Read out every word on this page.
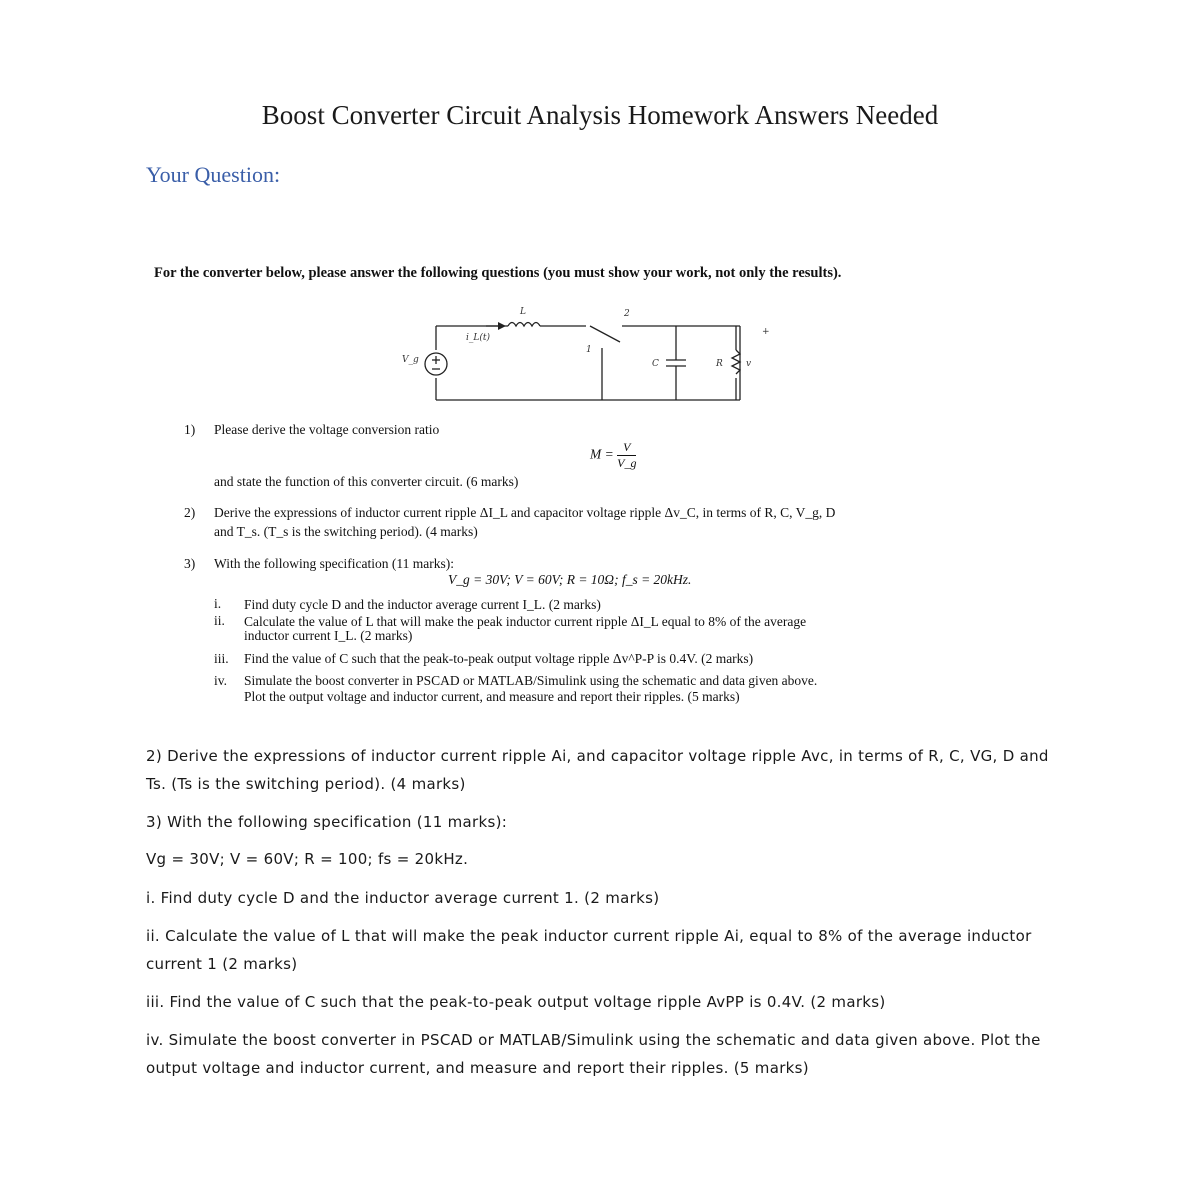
Boost Converter Circuit Analysis Homework Answers Needed
Your Question:
For the converter below, please answer the following questions (you must show your work, not only the results).
L
i_L(t)
V_g
2
1
C	R
+
v
1) Please derive the voltage conversion ratio
$M = \frac{V}{V\_g}$
and state the function of this converter circuit. (6 marks)
2) Derive the expressions of inductor current ripple ΔI_L and capacitor voltage ripple Δv_C, in terms of R, C, V_g, D
and T_s. (T_s is the switching period). (4 marks)
3) With the following specification (11 marks):
V_g = 30V; V = 60V; R = 10Ω; f_s = 20kHz.
i. Find duty cycle D and the inductor average current I_L. (2 marks)
ii. Calculate the value of L that will make the peak inductor current ripple ΔI_L equal to 8% of the average
inductor current I_L. (2 marks)
iii. Find the value of C such that the peak-to-peak output voltage ripple Δv^P-P is 0.4V. (2 marks)
iv. Simulate the boost converter in PSCAD or MATLAB/Simulink using the schematic and data given above.
Plot the output voltage and inductor current, and measure and report their ripples. (5 marks)
2) Derive the expressions of inductor current ripple Ai, and capacitor voltage ripple Avc, in terms of R, C, VG, D and Ts. (Ts is the switching period). (4 marks)
3) With the following specification (11 marks):
Vg = 30V; V = 60V; R = 100; fs = 20kHz.
i. Find duty cycle D and the inductor average current 1. (2 marks)
ii. Calculate the value of L that will make the peak inductor current ripple Ai, equal to 8% of the average inductor current 1 (2 marks)
iii. Find the value of C such that the peak-to-peak output voltage ripple AvPP is 0.4V. (2 marks)
iv. Simulate the boost converter in PSCAD or MATLAB/Simulink using the schematic and data given above. Plot the output voltage and inductor current, and measure and report their ripples. (5 marks)
